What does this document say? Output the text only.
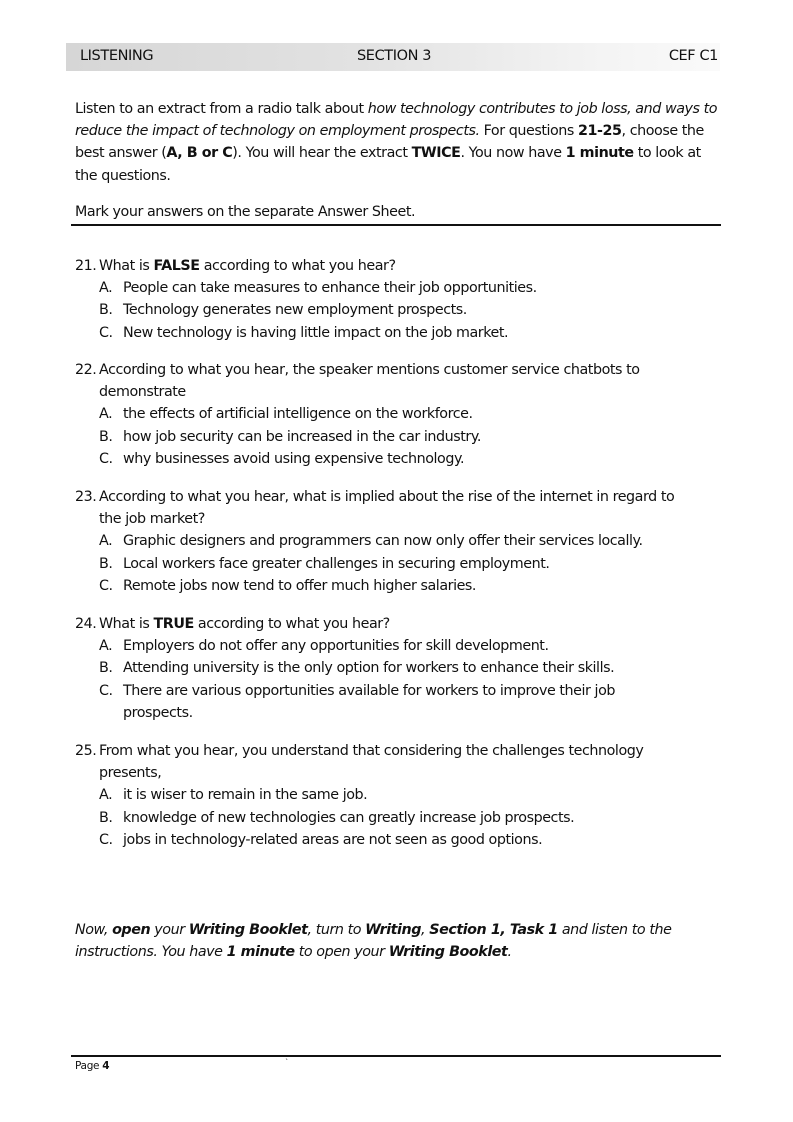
LISTENING	SECTION 3	CEF C1
Listen to an extract from a radio talk about how technology contributes to job loss, and ways to reduce the impact of technology on employment prospects. For questions 21-25, choose the best answer (A, B or C). You will hear the extract TWICE. You now have 1 minute to look at the questions.
Mark your answers on the separate Answer Sheet.
21. What is FALSE according to what you hear?
A. People can take measures to enhance their job opportunities.
B. Technology generates new employment prospects.
C. New technology is having little impact on the job market.
22. According to what you hear, the speaker mentions customer service chatbots to
demonstrate
A. the effects of artificial intelligence on the workforce.
B. how job security can be increased in the car industry.
C. why businesses avoid using expensive technology.
23. According to what you hear, what is implied about the rise of the internet in regard to
the job market?
A. Graphic designers and programmers can now only offer their services locally.
B. Local workers face greater challenges in securing employment.
C. Remote jobs now tend to offer much higher salaries.
24. What is TRUE according to what you hear?
A. Employers do not offer any opportunities for skill development.
B. Attending university is the only option for workers to enhance their skills.
C. There are various opportunities available for workers to improve their job prospects.
25. From what you hear, you understand that considering the challenges technology
presents,
A. it is wiser to remain in the same job.
B. knowledge of new technologies can greatly increase job prospects.
C. jobs in technology-related areas are not seen as good options.
Now, open your Writing Booklet, turn to Writing, Section 1, Task 1 and listen to the instructions. You have 1 minute to open your Writing Booklet.
Page 4	`
